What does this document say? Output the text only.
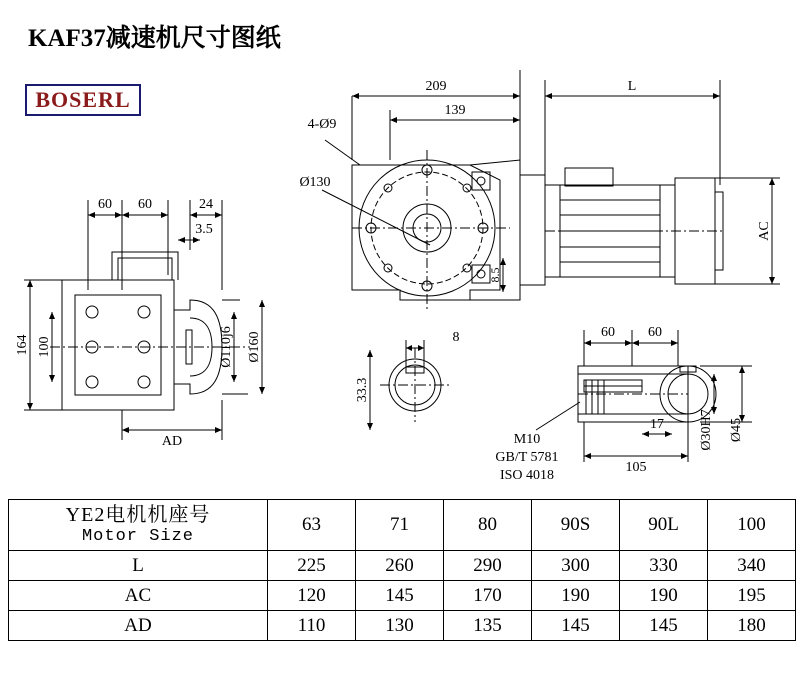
KAF37减速机尺寸图纸
BOSERL
209	L
4-Ø9
139
Ø130
AC
8.5
60 60	24
3.5
164 100	Ø110j6 Ø160
AD
8
33.3
M10
GB/T 5781
ISO 4018
60 60
17
105
Ø30H7 Ø45
YE2电机机座号
Motor Size	63	71	80	90S	90L	100
L	225	260	290	300	330	340
AC	120	145	170	190	190	195
AD	110	130	135	145	145	180
